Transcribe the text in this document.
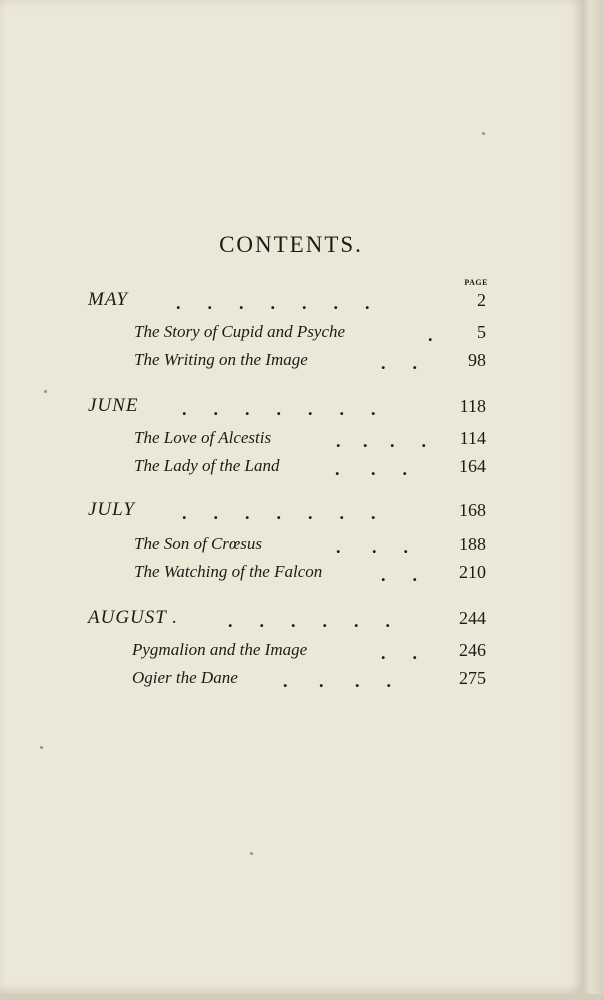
CONTENTS.
PAGE
MAY	.      .      .      .      .      .      .	2
The Story of Cupid and Psyche	.	5
The Writing on the Image	.      .	98
JUNE .      .      .      .      .      .      .	118
The Love of Alcestis	.     .     .      .	114
The Lady of the Land	.       .      .	164
JULY	.      .      .      .      .      .      .	168
The Son of Crœsus	.       .      .	188
The Watching of the Falcon	.      .	210
AUGUST .	.      .      .      .      .      .	244
Pygmalion and the Image	.      .	246
Ogier the Dane	.       .       .      .	275
